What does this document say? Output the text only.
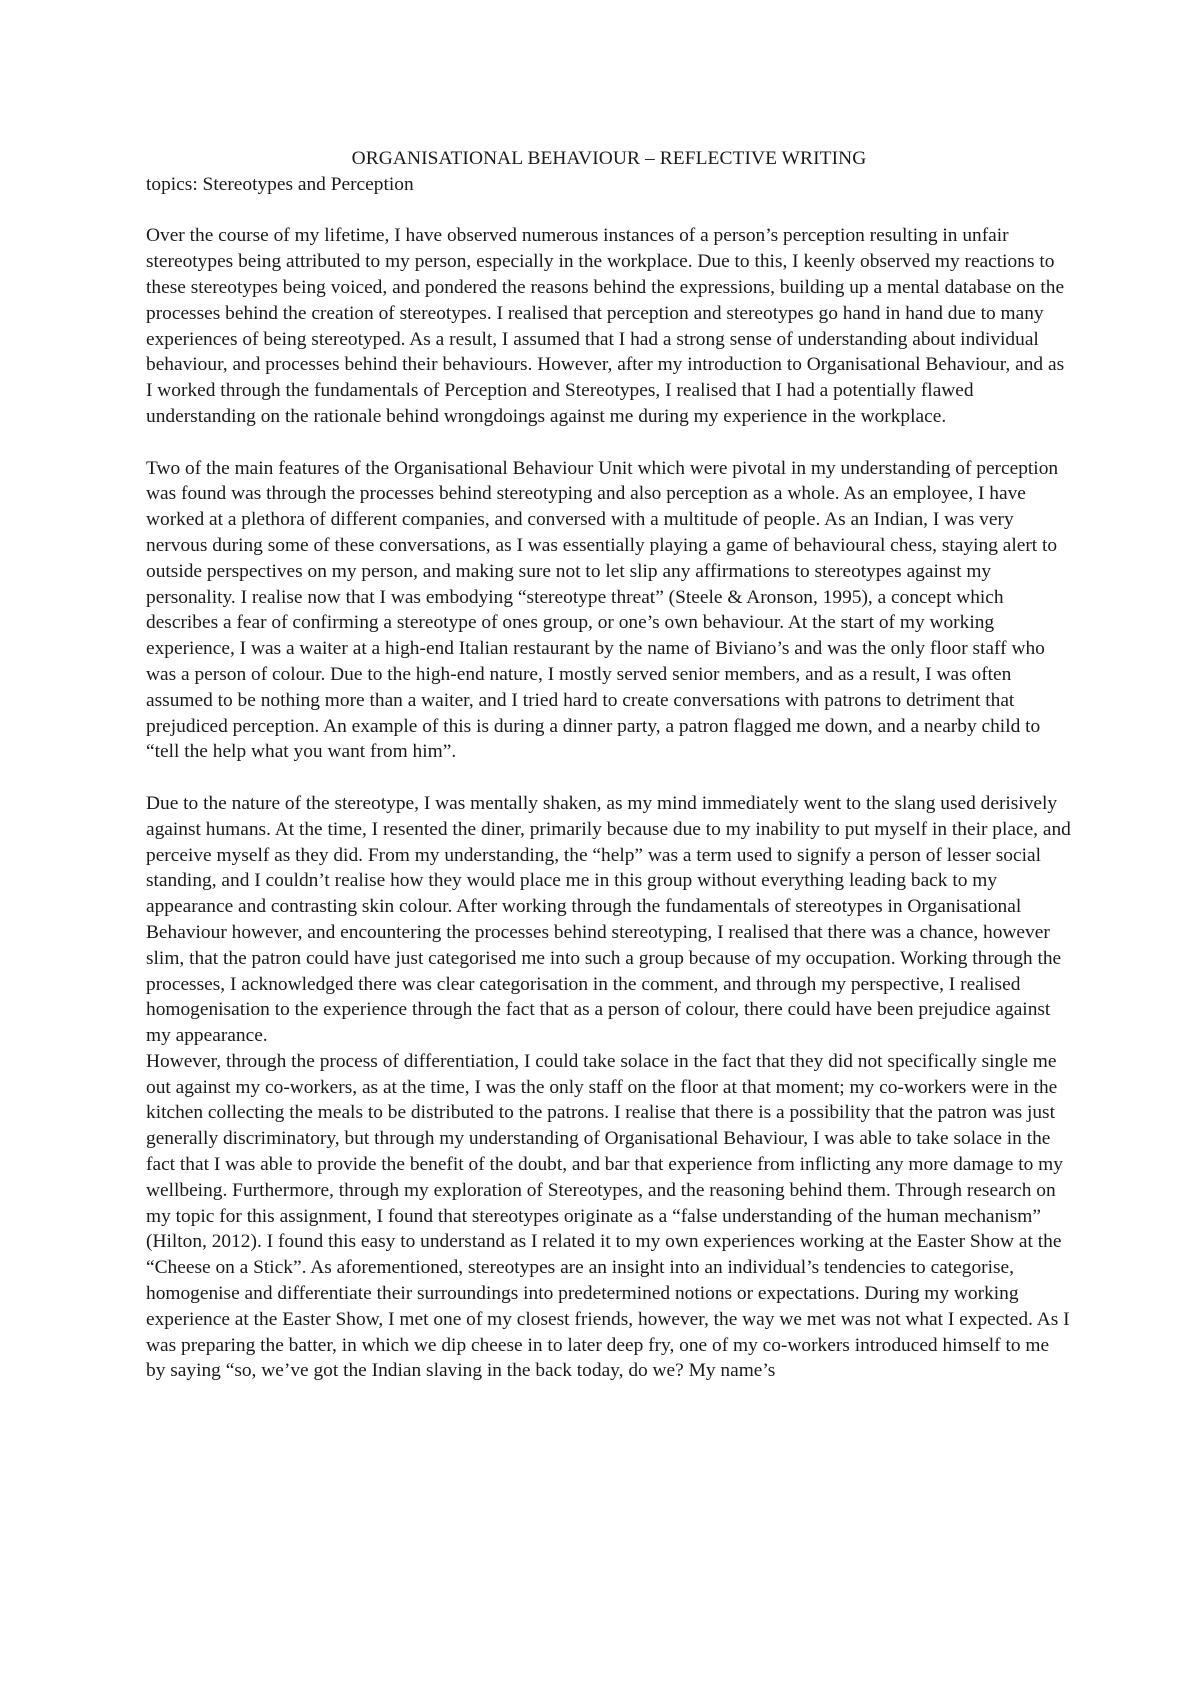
ORGANISATIONAL BEHAVIOUR – REFLECTIVE WRITING

topics: Stereotypes and Perception

Over the course of my lifetime, I have observed numerous instances of a person’s perception resulting in unfair stereotypes being attributed to my person, especially in the workplace. Due to this, I keenly observed my reactions to these stereotypes being voiced, and pondered the reasons behind the expressions, building up a mental database on the processes behind the creation of stereotypes. I realised that perception and stereotypes go hand in hand due to many experiences of being stereotyped. As a result, I assumed that I had a strong sense of understanding about individual behaviour, and processes behind their behaviours. However, after my introduction to Organisational Behaviour, and as I worked through the fundamentals of Perception and Stereotypes, I realised that I had a potentially flawed understanding on the rationale behind wrongdoings against me during my experience in the workplace.

Two of the main features of the Organisational Behaviour Unit which were pivotal in my understanding of perception was found was through the processes behind stereotyping and also perception as a whole. As an employee, I have worked at a plethora of different companies, and conversed with a multitude of people. As an Indian, I was very nervous during some of these conversations, as I was essentially playing a game of behavioural chess, staying alert to outside perspectives on my person, and making sure not to let slip any affirmations to stereotypes against my personality. I realise now that I was embodying “stereotype threat” (Steele & Aronson, 1995), a concept which describes a fear of confirming a stereotype of ones group, or one’s own behaviour. At the start of my working experience, I was a waiter at a high-end Italian restaurant by the name of Biviano’s and was the only floor staff who was a person of colour. Due to the high-end nature, I mostly served senior members, and as a result, I was often assumed to be nothing more than a waiter, and I tried hard to create conversations with patrons to detriment that prejudiced perception. An example of this is during a dinner party, a patron flagged me down, and a nearby child to “tell the help what you want from him”.

Due to the nature of the stereotype, I was mentally shaken, as my mind immediately went to the slang used derisively against humans. At the time, I resented the diner, primarily because due to my inability to put myself in their place, and perceive myself as they did. From my understanding, the “help” was a term used to signify a person of lesser social standing, and I couldn’t realise how they would place me in this group without everything leading back to my appearance and contrasting skin colour. After working through the fundamentals of stereotypes in Organisational Behaviour however, and encountering the processes behind stereotyping, I realised that there was a chance, however slim, that the patron could have just categorised me into such a group because of my occupation. Working through the processes, I acknowledged there was clear categorisation in the comment, and through my perspective, I realised homogenisation to the experience through the fact that as a person of colour, there could have been prejudice against my appearance.

However, through the process of differentiation, I could take solace in the fact that they did not specifically single me out against my co-workers, as at the time, I was the only staff on the floor at that moment; my co-workers were in the kitchen collecting the meals to be distributed to the patrons. I realise that there is a possibility that the patron was just generally discriminatory, but through my understanding of Organisational Behaviour, I was able to take solace in the fact that I was able to provide the benefit of the doubt, and bar that experience from inflicting any more damage to my wellbeing. Furthermore, through my exploration of Stereotypes, and the reasoning behind them. Through research on my topic for this assignment, I found that stereotypes originate as a “false understanding of the human mechanism” (Hilton, 2012). I found this easy to understand as I related it to my own experiences working at the Easter Show at the “Cheese on a Stick”. As aforementioned, stereotypes are an insight into an individual’s tendencies to categorise, homogenise and differentiate their surroundings into predetermined notions or expectations. During my working experience at the Easter Show, I met one of my closest friends, however, the way we met was not what I expected. As I was preparing the batter, in which we dip cheese in to later deep fry, one of my co-workers introduced himself to me by saying “so, we’ve got the Indian slaving in the back today, do we? My name’s
